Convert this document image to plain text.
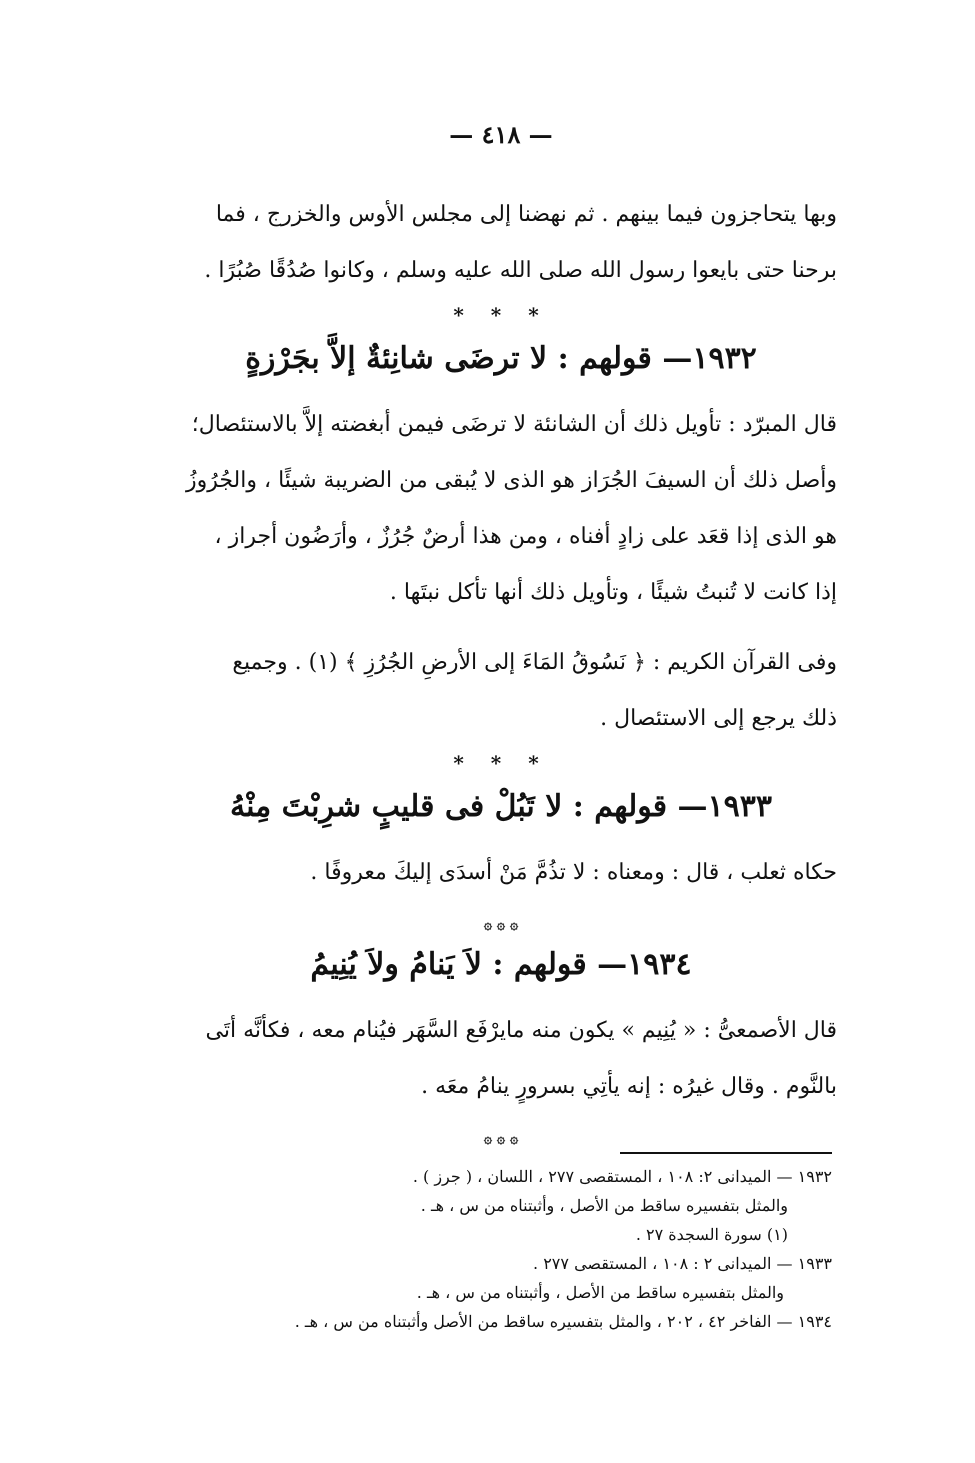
— ٤١٨ —

وبها يتحاجزون فيما بينهم . ثم نهضنا إلى مجلس الأوس والخزرج ، فما

برحنا حتى بايعوا رسول الله صلى الله عليه وسلم ، وكانوا صُدُقًا صُبُرًا .

* * *
١٩٣٢— قولهم : لا ترضَى شانِئةٌ إلاَّ بجَرْزةٍ

قال المبرّد : تأويل ذلك أن الشانئة لا ترضَى فيمن أبغضته إلاَّ بالاستئصال؛

وأصل ذلك أن السيفَ الجُرَاز هو الذى لا يُبقى من الضريبة شيئًا ، والجُرُوزُ

هو الذى إذا قعَد على زادٍ أفناه ، ومن هذا أرضٌ جُرُزٌ ، وأرَضُون أجراز ،

إذا كانت لا تُنبتُ شيئًا ، وتأويل ذلك أنها تأكل نبتَها .

وفى القرآن الكريم : ﴿ نَسُوقُ المَاءَ إلى الأرضِ الجُرُزِ ﴾ (١) . وجميع

ذلك يرجع إلى الاستئصال .

* * *
١٩٣٣— قولهم : لا تَبُلْ فى قليبٍ شرِبْتَ مِنْهُ

حكاه ثعلب ، قال : ومعناه : لا تذُمَّ مَنْ أسدَى إليكَ معروفًا .

۞ ۞ ۞
١٩٣٤— قولهم : لاَ يَنامُ ولاَ يُنِيمُ

قال الأصمعىُّ : « يُنِيم » يكون منه مايرْفَع السَّهَر فيُنام معه ، فكأنَّه أتَى

بالنَّوم . وقال غيرُه : إنه يأتِي بسرورٍ ينامُ معَه .

۞ ۞ ۞

١٩٣٢ — الميدانى ٢: ١٠٨ ، المستقصى ٢٧٧ ، اللسان ، ( جرز ) .

والمثل بتفسيره ساقط من الأصل ، وأثبتناه من س ، هـ .

(١) سورة السجدة ٢٧ .

١٩٣٣ — الميدانى ٢ : ١٠٨ ، المستقصى ٢٧٧ .

والمثل بتفسيره ساقط من الأصل ، وأثبتناه من س ، هـ .

١٩٣٤ — الفاخر ٤٢ ، ٢٠٢ ، والمثل بتفسيره ساقط من الأصل وأثبتناه من س ، هـ .
